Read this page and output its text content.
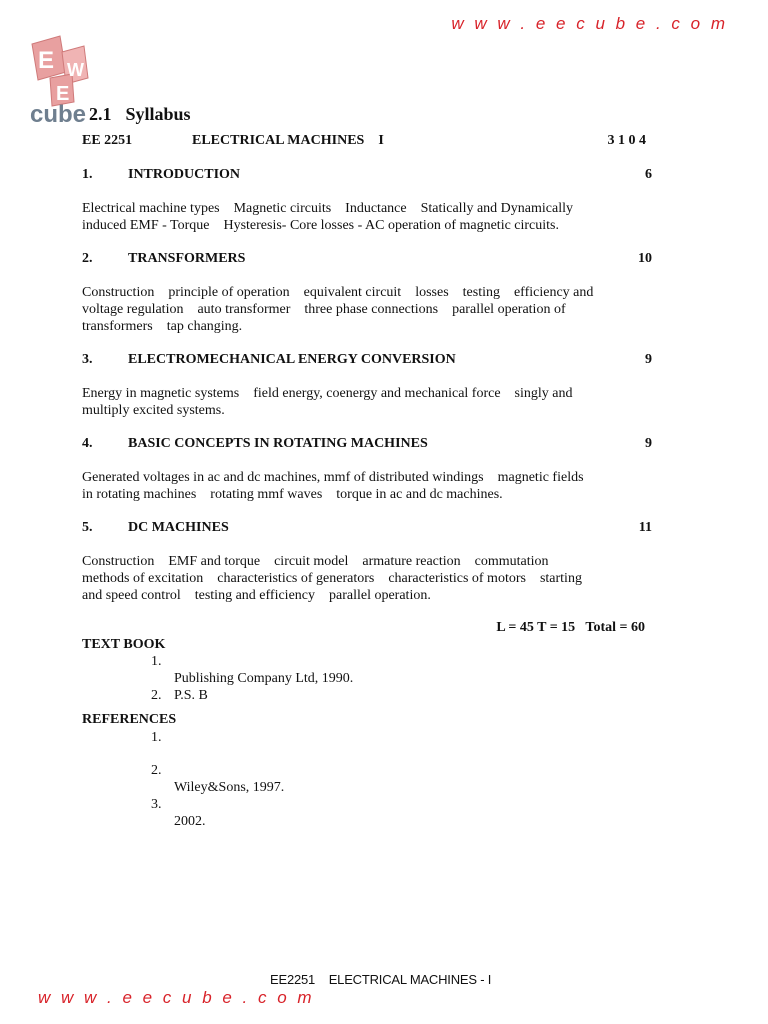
w w w . e e c u b e . c o m

E
E
W
cube 2.1 Syllabus

EE 2251	ELECTRICAL MACHINES    I	3 1 0 4
1.	INTRODUCTION	6
Electrical machine types    Magnetic circuits    Inductance    Statically and Dynamically
induced EMF - Torque    Hysteresis- Core losses - AC operation of magnetic circuits.
2.	TRANSFORMERS	10
Construction    principle of operation    equivalent circuit    losses    testing    efficiency and
voltage regulation    auto transformer    three phase connections    parallel operation of
transformers    tap changing.
3.	ELECTROMECHANICAL ENERGY CONVERSION	9
Energy in magnetic systems    field energy, coenergy and mechanical force    singly and
multiply excited systems.
4.	BASIC CONCEPTS IN ROTATING MACHINES	9
Generated voltages in ac and dc machines, mmf of distributed windings    magnetic fields
in rotating machines    rotating mmf waves    torque in ac and dc machines.
5.	DC MACHINES	11
Construction    EMF and torque    circuit model    armature reaction    commutation
methods of excitation    characteristics of generators    characteristics of motors    starting
and speed control    testing and efficiency    parallel operation.
L = 45 T = 15   Total = 60
TEXT BOOK
1.
Publishing Company Ltd, 1990.
2. P.S. B
REFERENCES
1.
2.
Wiley&Sons, 1997.
3.
2002.
EE2251    ELECTRICAL MACHINES - I
w w w . e e c u b e . c o m
